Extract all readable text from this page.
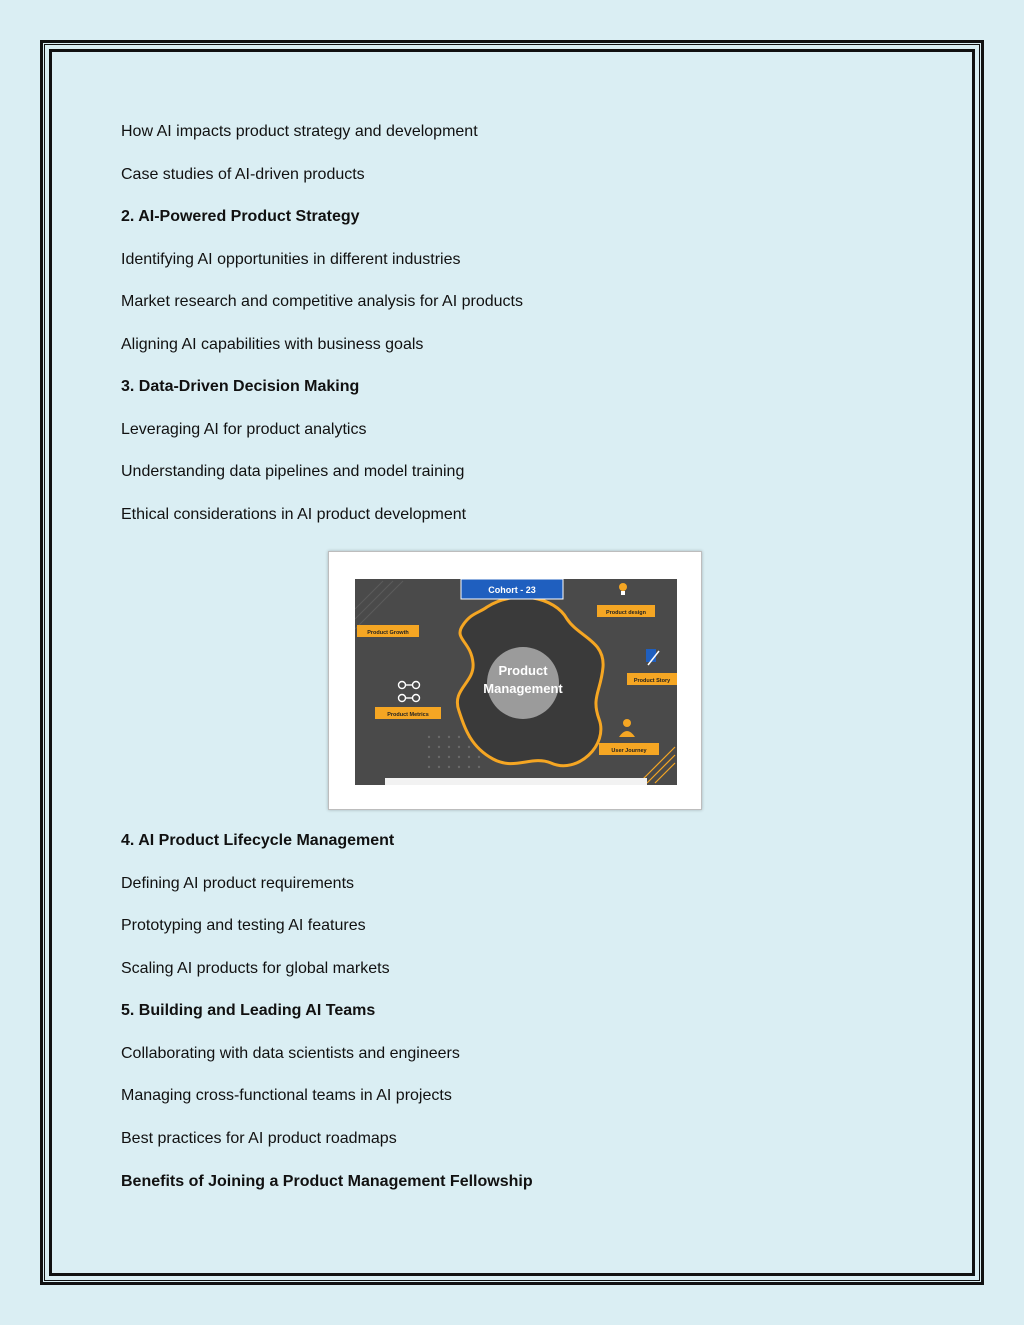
How AI impacts product strategy and development

Case studies of AI-driven products

2. AI-Powered Product Strategy

Identifying AI opportunities in different industries

Market research and competitive analysis for AI products

Aligning AI capabilities with business goals

3. Data-Driven Decision Making

Leveraging AI for product analytics

Understanding data pipelines and model training

Ethical considerations in AI product development

Product
Management
Cohort - 23
Product Growth
Product design
Product Story
Product Metrics
User Journey

4. AI Product Lifecycle Management

Defining AI product requirements

Prototyping and testing AI features

Scaling AI products for global markets

5. Building and Leading AI Teams

Collaborating with data scientists and engineers

Managing cross-functional teams in AI projects

Best practices for AI product roadmaps

Benefits of Joining a Product Management Fellowship
